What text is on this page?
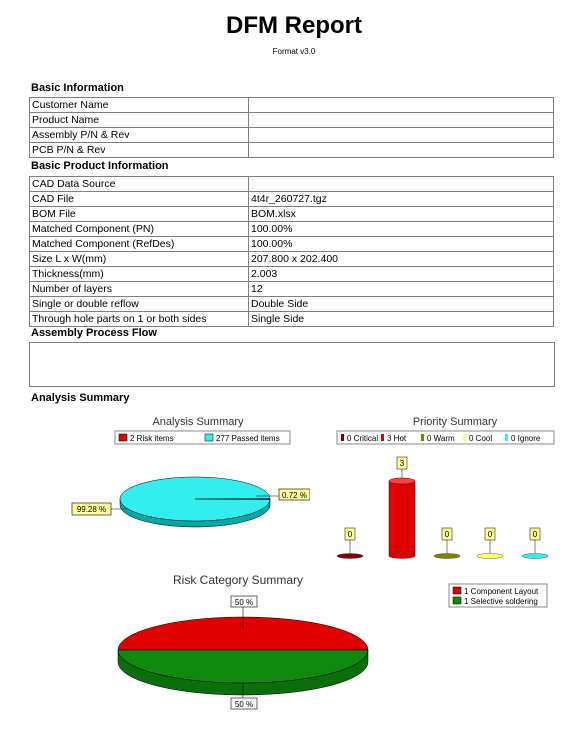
DFM Report
Format v3.0
Basic Information
Customer Name	
Product Name	
Assembly P/N & Rev	
PCB P/N & Rev	
Basic Product Information
CAD Data Source	
CAD File	4t4r_260727.tgz
BOM File	BOM.xlsx
Matched Component (PN)	100.00%
Matched Component (RefDes)	100.00%
Size L x W(mm)	207.800 x 202.400
Thickness(mm)	2.003
Number of layers	12
Single or double reflow	Double Side
Through hole parts on 1 or both sides	Single Side
Assembly Process Flow
Analysis Summary
Analysis Summary
2 Risk items	277 Passed items
0.72 %
99.28 %
Priority Summary
0 Critical 3 Hot	0 Warm 0 Cool 0 Ignore
0
3
0	0	0
Risk Category Summary
1 Component Layout
1 Selective soldering
50 %
50 %
